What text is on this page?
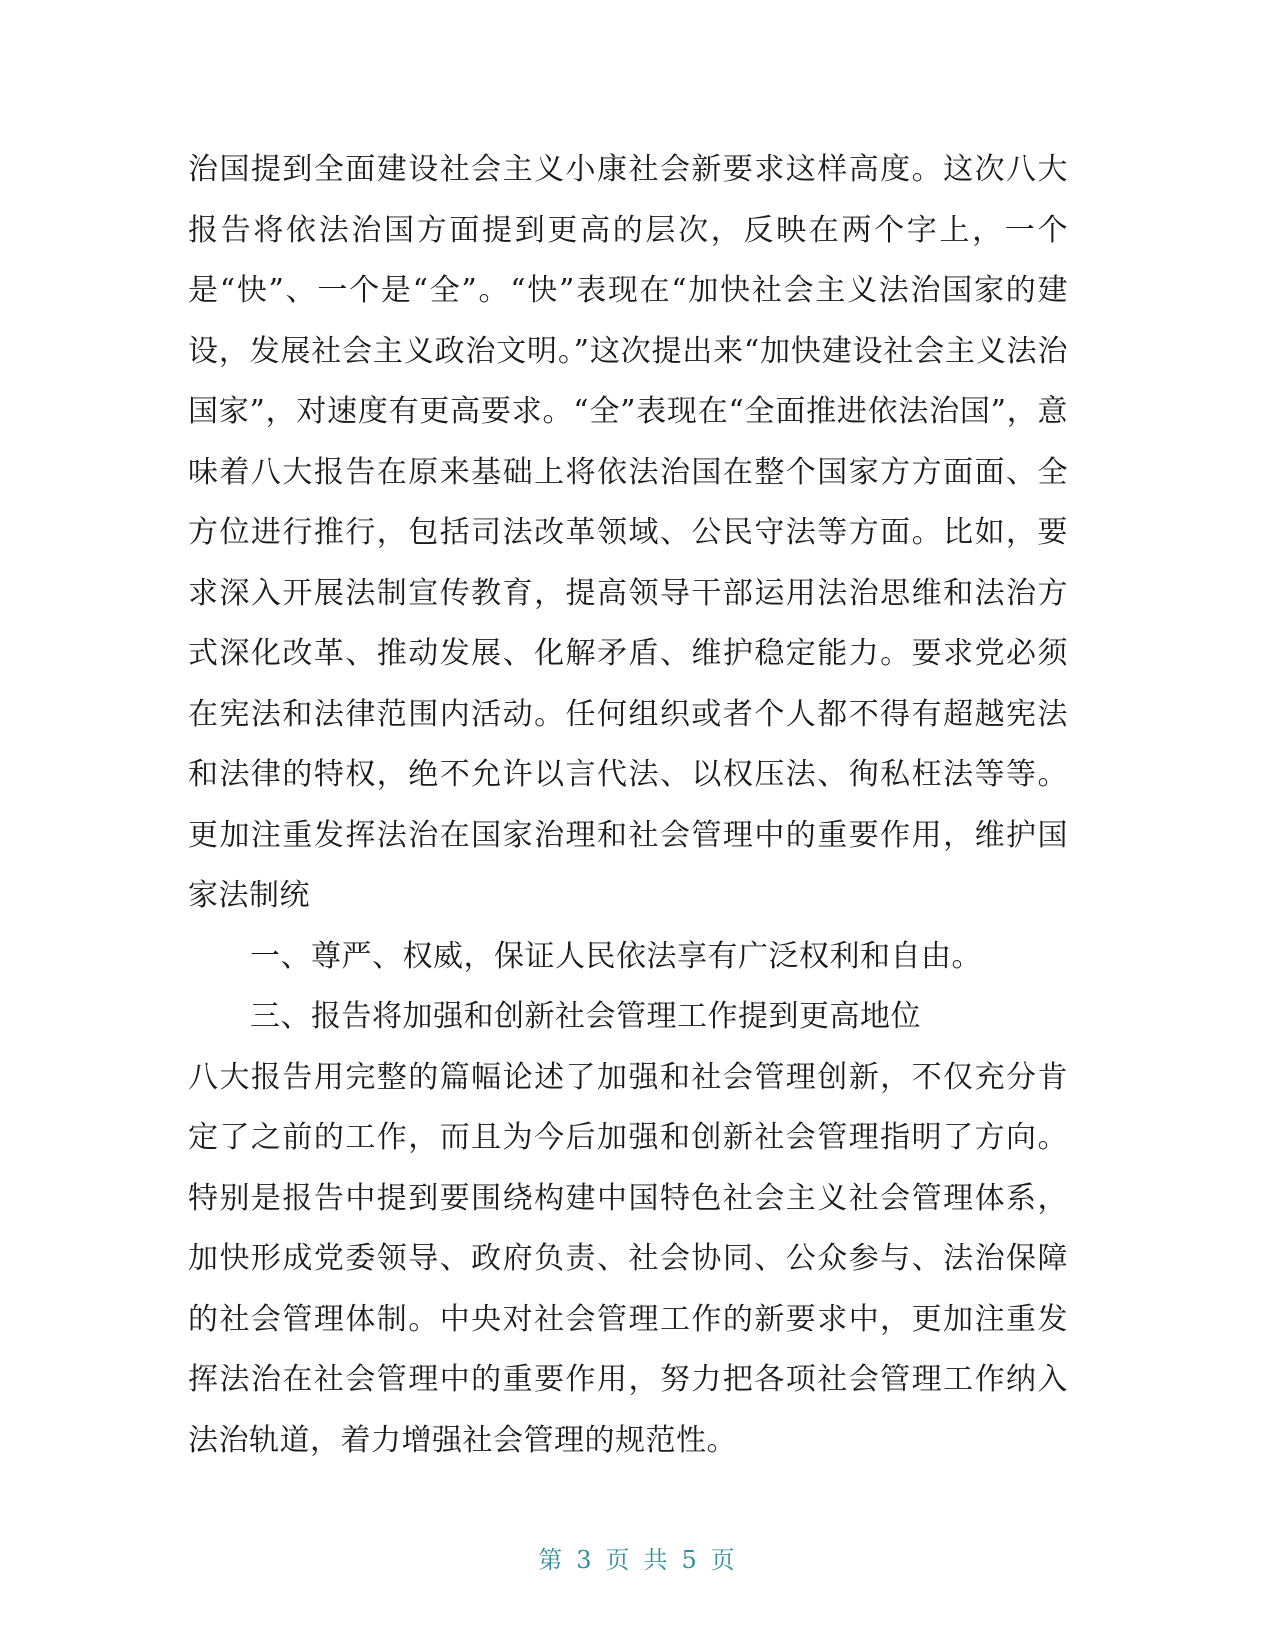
治国提到全面建设社会主义小康社会新要求这样高度。这次八大报告将依法治国方面提到更高的层次，反映在两个字上，一个是“快”、一个是“全”。“快”表现在“加快社会主义法治国家的建设，发展社会主义政治文明。”这次提出来“加快建设社会主义法治国家”，对速度有更高要求。“全”表现在“全面推进依法治国”，意味着八大报告在原来基础上将依法治国在整个国家方方面面、全方位进行推行，包括司法改革领域、公民守法等方面。比如，要求深入开展法制宣传教育，提高领导干部运用法治思维和法治方式深化改革、推动发展、化解矛盾、维护稳定能力。要求党必须在宪法和法律范围内活动。任何组织或者个人都不得有超越宪法和法律的特权，绝不允许以言代法、以权压法、徇私枉法等等。更加注重发挥法治在国家治理和社会管理中的重要作用，维护国家法制统

一、尊严、权威，保证人民依法享有广泛权利和自由。

三、报告将加强和创新社会管理工作提到更高地位

八大报告用完整的篇幅论述了加强和社会管理创新，不仅充分肯定了之前的工作，而且为今后加强和创新社会管理指明了方向。特别是报告中提到要围绕构建中国特色社会主义社会管理体系，加快形成党委领导、政府负责、社会协同、公众参与、法治保障的社会管理体制。中央对社会管理工作的新要求中，更加注重发挥法治在社会管理中的重要作用，努力把各项社会管理工作纳入法治轨道，着力增强社会管理的规范性。

第 3 页 共 5 页
